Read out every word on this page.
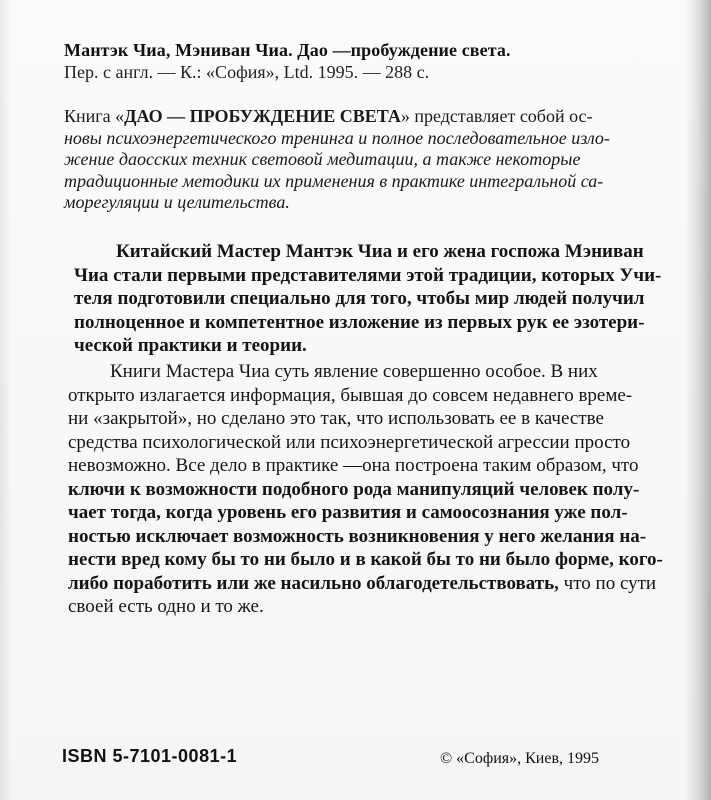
Мантэк Чиа, Мэниван Чиа. Дао —пробуждение света.
Пер. с англ. — К.: «София», Ltd. 1995. — 288 с.
Книга «ДАО — ПРОБУЖДЕНИЕ СВЕТА» представляет собой ос-
новы психоэнергетического тренинга и полное последовательное изло-
жение даосских техник световой медитации, а также некоторые
традиционные методики их применения в практике интегральной са-
морегуляции и целительства.
Китайский Мастер Мантэк Чиа и его жена госпожа Мэниван
Чиа стали первыми представителями этой традиции, которых Учи-
теля подготовили специально для того, чтобы мир людей получил
полноценное и компетентное изложение из первых рук ее эзотери-
ческой практики и теории.
Книги Мастера Чиа суть явление совершенно особое. В них
открыто излагается информация, бывшая до совсем недавнего време-
ни «закрытой», но сделано это так, что использовать ее в качестве
средства психологической или психоэнергетической агрессии просто
невозможно. Все дело в практике —она построена таким образом, что
ключи к возможности подобного рода манипуляций человек полу-
чает тогда, когда уровень его развития и самоосознания уже пол-
ностью исключает возможность возникновения у него желания на-
нести вред кому бы то ни было и в какой бы то ни было форме, кого-
либо поработить или же насильно облагодетельствовать, что по сути
своей есть одно и то же.
ISBN 5-7101-0081-1	© «София», Киев, 1995
